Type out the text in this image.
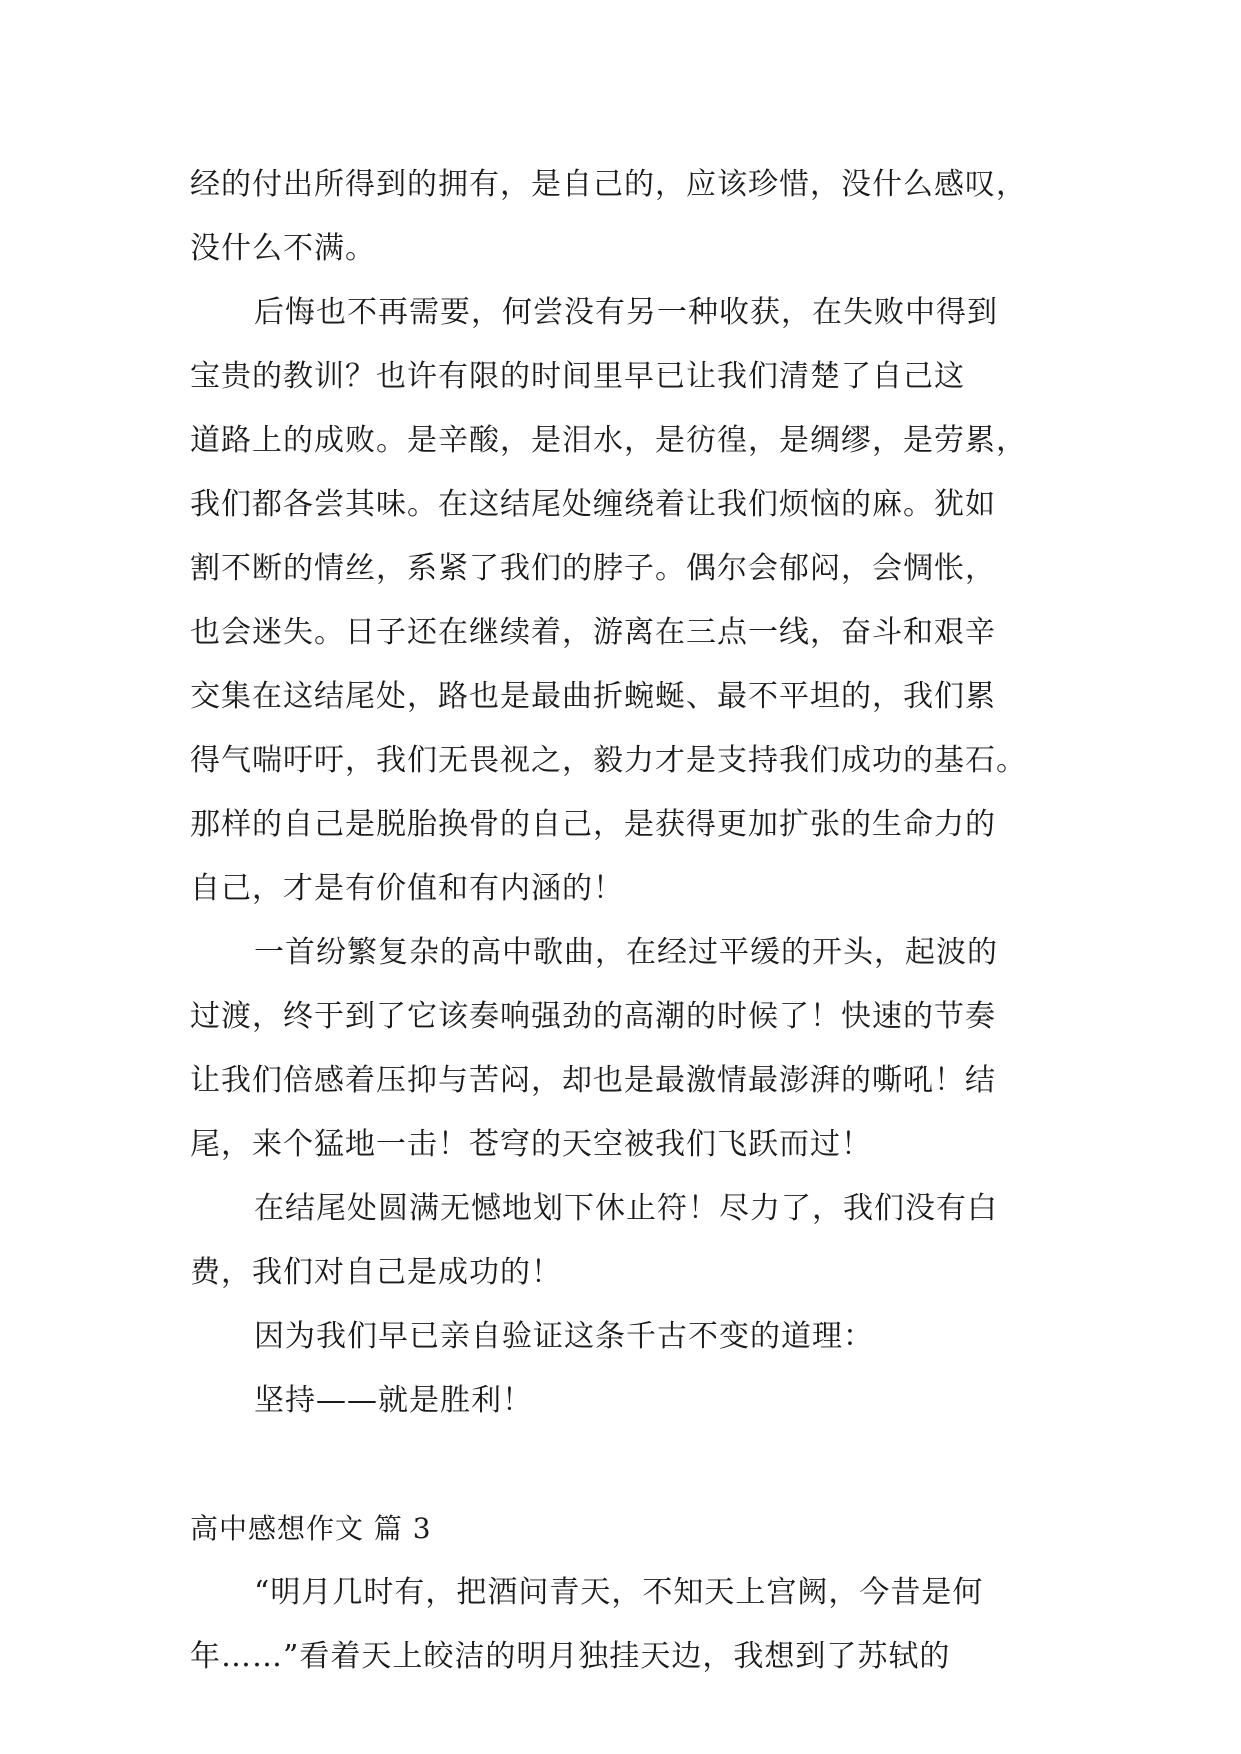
经的付出所得到的拥有，是自己的，应该珍惜，没什么感叹，
没什么不满。
后悔也不再需要，何尝没有另一种收获，在失败中得到
宝贵的教训？也许有限的时间里早已让我们清楚了自己这
道路上的成败。是辛酸，是泪水，是彷徨，是绸缪，是劳累，
我们都各尝其味。在这结尾处缠绕着让我们烦恼的麻。犹如
割不断的情丝，系紧了我们的脖子。偶尔会郁闷，会惆怅，
也会迷失。日子还在继续着，游离在三点一线，奋斗和艰辛
交集在这结尾处，路也是最曲折蜿蜒、最不平坦的，我们累
得气喘吁吁，我们无畏视之，毅力才是支持我们成功的基石。
那样的自己是脱胎换骨的自己，是获得更加扩张的生命力的
自己，才是有价值和有内涵的！
一首纷繁复杂的高中歌曲，在经过平缓的开头，起波的
过渡，终于到了它该奏响强劲的高潮的时候了！快速的节奏
让我们倍感着压抑与苦闷，却也是最激情最澎湃的嘶吼！结
尾，来个猛地一击！苍穹的天空被我们飞跃而过！
在结尾处圆满无憾地划下休止符！尽力了，我们没有白
费，我们对自己是成功的！
因为我们早已亲自验证这条千古不变的道理：
坚持——就是胜利！
高中感想作文 篇 3
“明月几时有，把酒问青天，不知天上宫阙，今昔是何
年……”看着天上皎洁的明月独挂天边，我想到了苏轼的
